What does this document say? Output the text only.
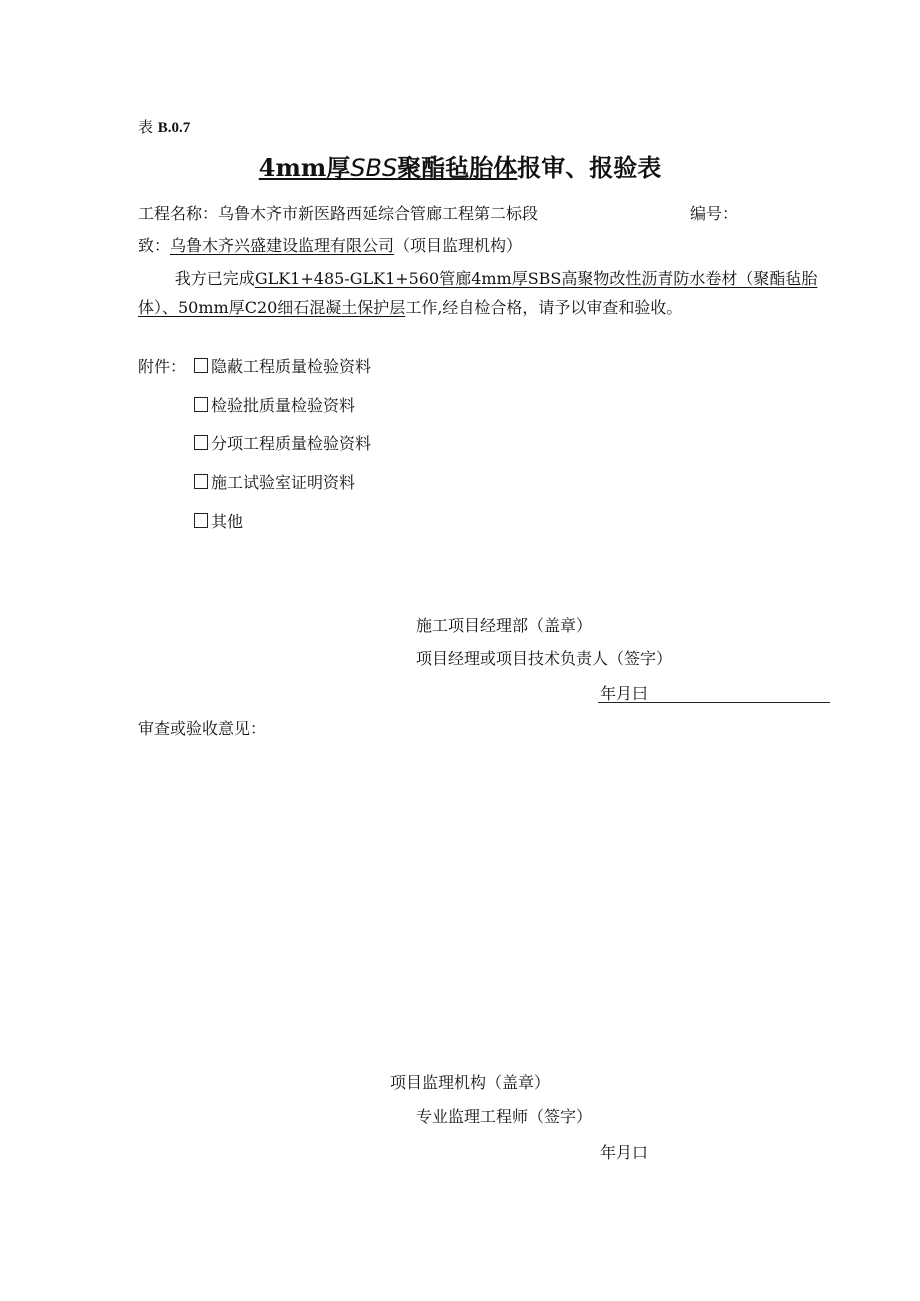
表 B.0.7
4mm厚SBS聚酯毡胎体报审、报验表
工程名称：乌鲁木齐市新医路西延综合管廊工程第二标段	编号：
致：乌鲁木齐兴盛建设监理有限公司（项目监理机构）
我方已完成GLK1+485-GLK1+560管廊4mm厚SBS高聚物改性沥青防水卷材（聚酯毡胎体）、50mm厚C20细石混凝土保护层工作,经自检合格，请予以审查和验收。
附件：	隐蔽工程质量检验资料
检验批质量检验资料
分项工程质量检验资料
施工试验室证明资料
其他
施工项目经理部（盖章）
项目经理或项目技术负责人（签字）
年月曰
审查或验收意见：
项目监理机构（盖章）
专业监理工程师（签字）
年月口
